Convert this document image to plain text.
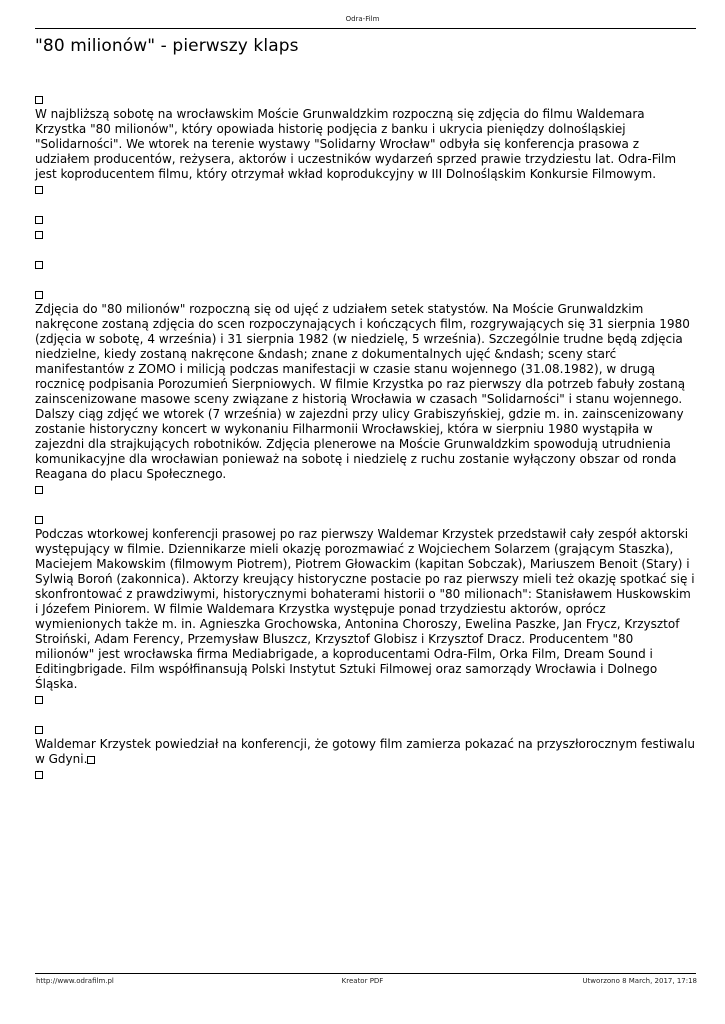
Odra-Film
"80 milionów" - pierwszy klaps

W najbliższą sobotę na wrocławskim Moście Grunwaldzkim rozpoczną się zdjęcia do filmu Waldemara Krzystka "80 milionów", który opowiada historię podjęcia z banku i ukrycia pieniędzy dolnośląskiej "Solidarności". We wtorek na terenie wystawy "Solidarny Wrocław" odbyła się konferencja prasowa z udziałem producentów, reżysera, aktorów i uczestników wydarzeń sprzed prawie trzydziestu lat. Odra-Film jest koproducentem filmu, który otrzymał wkład koprodukcyjny w III Dolnośląskim Konkursie Filmowym.

Zdjęcia do "80 milionów" rozpoczną się od ujęć z udziałem setek statystów. Na Moście Grunwaldzkim nakręcone zostaną zdjęcia do scen rozpoczynających i kończących film, rozgrywających się 31 sierpnia 1980 (zdjęcia w sobotę, 4 września) i 31 sierpnia 1982 (w niedzielę, 5 września). Szczególnie trudne będą zdjęcia niedzielne, kiedy zostaną nakręcone &ndash; znane z dokumentalnych ujęć &ndash; sceny starć manifestantów z ZOMO i milicją podczas manifestacji w czasie stanu wojennego (31.08.1982), w drugą rocznicę podpisania Porozumień Sierpniowych. W filmie Krzystka po raz pierwszy dla potrzeb fabuły zostaną zainscenizowane masowe sceny związane z historią Wrocławia w czasach "Solidarności" i stanu wojennego. Dalszy ciąg zdjęć we wtorek (7 września) w zajezdni przy ulicy Grabiszyńskiej, gdzie m. in. zainscenizowany zostanie historyczny koncert w wykonaniu Filharmonii Wrocławskiej, która w sierpniu 1980 wystąpiła w zajezdni dla strajkujących robotników. Zdjęcia plenerowe na Moście Grunwaldzkim spowodują utrudnienia komunikacyjne dla wrocławian ponieważ na sobotę i niedzielę z ruchu zostanie wyłączony obszar od ronda Reagana do placu Społecznego.

Podczas wtorkowej konferencji prasowej po raz pierwszy Waldemar Krzystek przedstawił cały zespół aktorski występujący w filmie. Dziennikarze mieli okazję porozmawiać z Wojciechem Solarzem (grającym Staszka), Maciejem Makowskim (filmowym Piotrem), Piotrem Głowackim (kapitan Sobczak), Mariuszem Benoit (Stary) i Sylwią Boroń (zakonnica). Aktorzy kreujący historyczne postacie po raz pierwszy mieli też okazję spotkać się i skonfrontować z prawdziwymi, historycznymi bohaterami historii o "80 milionach": Stanisławem Huskowskim i Józefem Piniorem. W filmie Waldemara Krzystka występuje ponad trzydziestu aktorów, oprócz wymienionych także m. in. Agnieszka Grochowska, Antonina Choroszy, Ewelina Paszke, Jan Frycz, Krzysztof Stroiński, Adam Ferency, Przemysław Bluszcz, Krzysztof Globisz i Krzysztof Dracz. Producentem "80 milionów" jest wrocławska firma Mediabrigade, a koproducentami Odra-Film, Orka Film, Dream Sound i Editingbrigade. Film współfinansują Polski Instytut Sztuki Filmowej oraz samorządy Wrocławia i Dolnego Śląska.

Waldemar Krzystek powiedział na konferencji, że gotowy film zamierza pokazać na przyszłorocznym festiwalu w Gdyni.

http://www.odrafilm.pl	Kreator PDF	Utworzono 8 March, 2017, 17:18
